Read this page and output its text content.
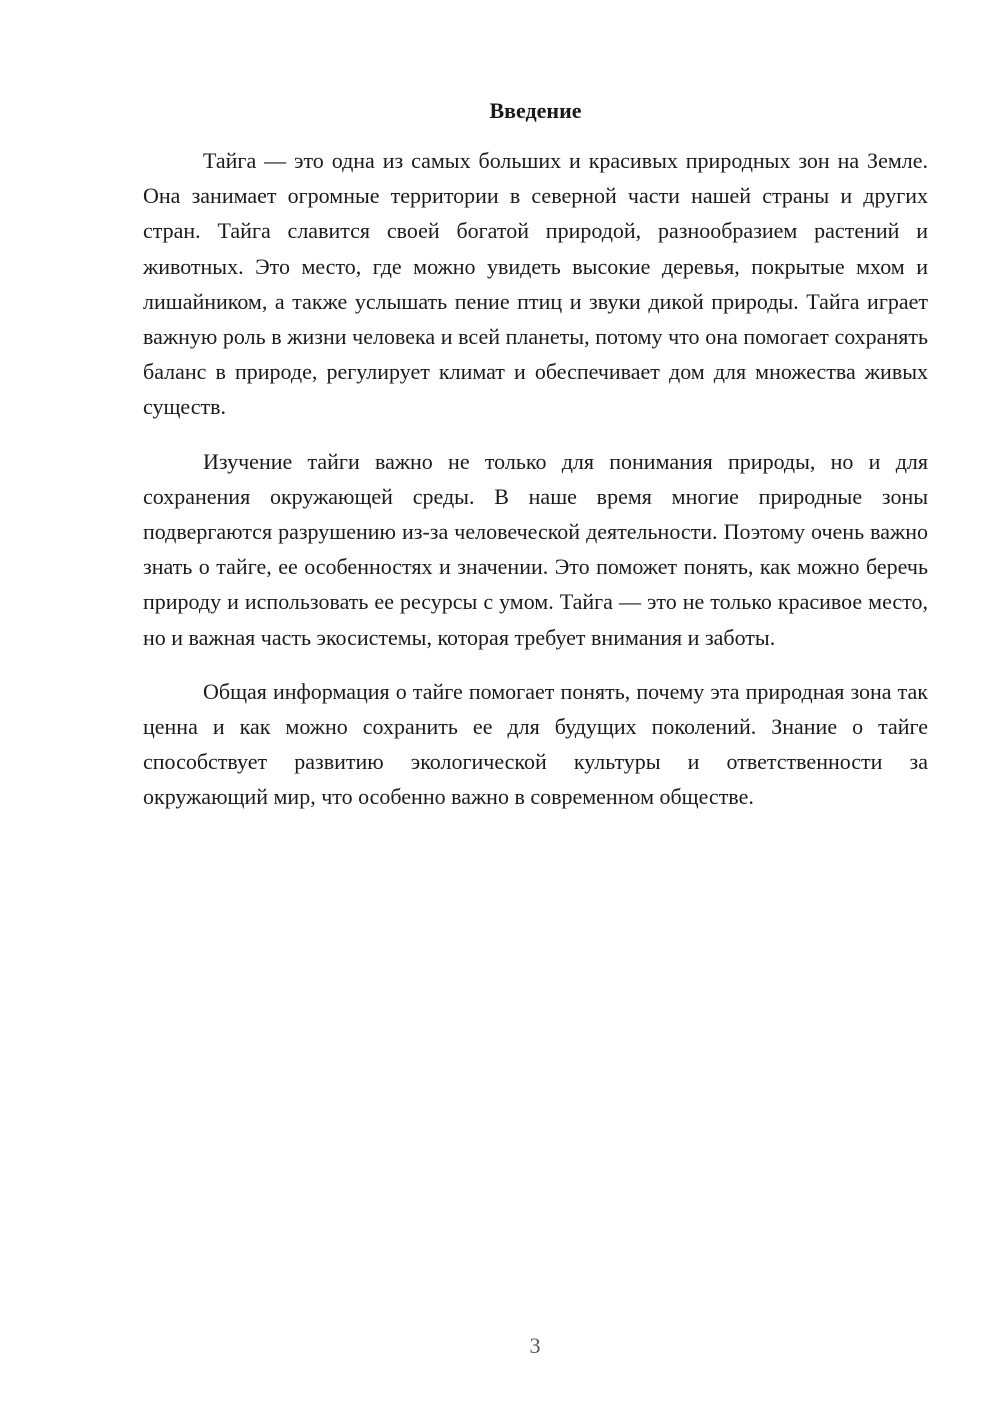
Введение

Тайга — это одна из самых больших и красивых природных зон на Земле. Она занимает огромные территории в северной части нашей страны и других стран. Тайга славится своей богатой природой, разнообразием растений и животных. Это место, где можно увидеть высокие деревья, покрытые мхом и лишайником, а также услышать пение птиц и звуки дикой природы. Тайга играет важную роль в жизни человека и всей планеты, потому что она помогает сохранять баланс в природе, регулирует климат и обеспечивает дом для множества живых существ.

Изучение тайги важно не только для понимания природы, но и для сохранения окружающей среды. В наше время многие природные зоны подвергаются разрушению из-за человеческой деятельности. Поэтому очень важно знать о тайге, ее особенностях и значении. Это поможет понять, как можно беречь природу и использовать ее ресурсы с умом. Тайга — это не только красивое место, но и важная часть экосистемы, которая требует внимания и заботы.

Общая информация о тайге помогает понять, почему эта природная зона так ценна и как можно сохранить ее для будущих поколений. Знание о тайге способствует развитию экологической культуры и ответственности за окружающий мир, что особенно важно в современном обществе.

3
